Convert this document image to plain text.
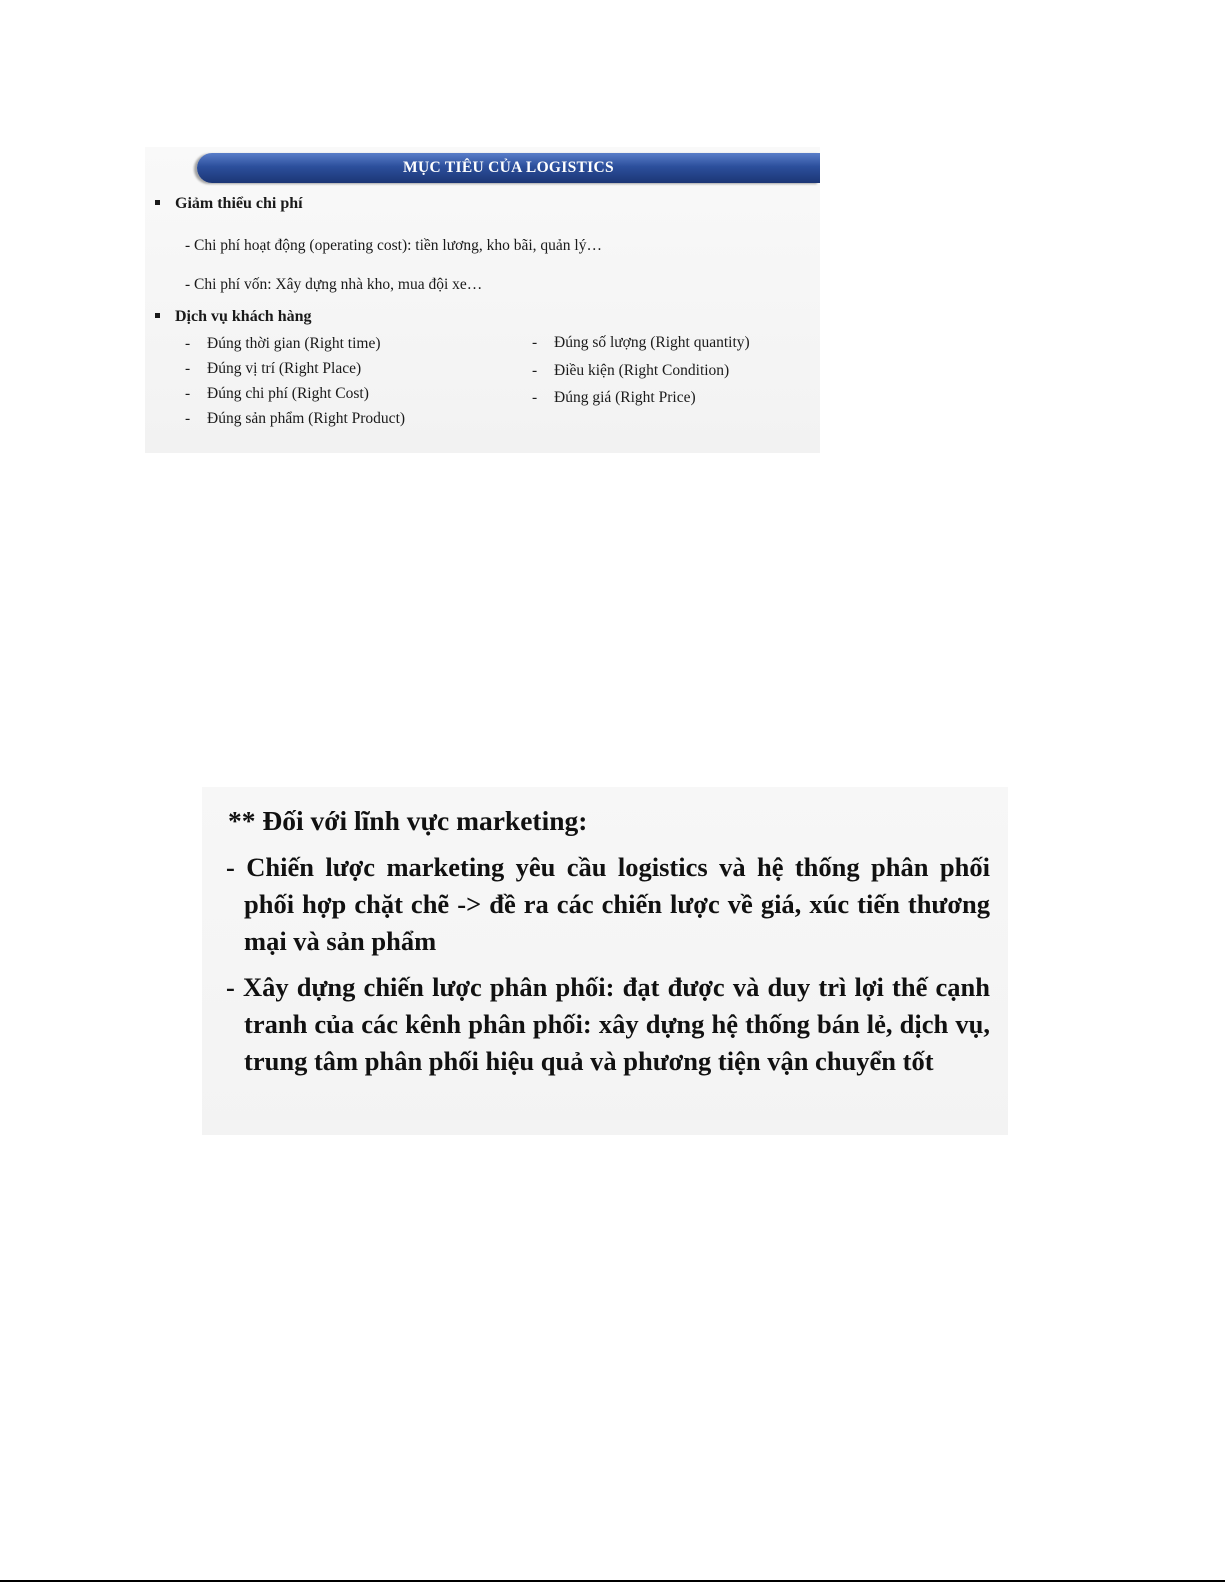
MỤC TIÊU CỦA LOGISTICS
Giảm thiểu chi phí
- Chi phí hoạt động (operating cost): tiền lương, kho bãi, quản lý…
- Chi phí vốn: Xây dựng nhà kho, mua đội xe…
Dịch vụ khách hàng
- Đúng thời gian (Right time)
- Đúng vị trí (Right Place)
- Đúng chi phí (Right Cost)
- Đúng sản phẩm (Right Product)
- Đúng số lượng (Right quantity)
- Điều kiện (Right Condition)
- Đúng giá (Right Price)
** Đối với lĩnh vực marketing:
- Chiến lược marketing yêu cầu logistics và hệ thống phân phối phối hợp chặt chẽ -> đề ra các chiến lược về giá, xúc tiến thương mại và sản phẩm
- Xây dựng chiến lược phân phối: đạt được và duy trì lợi thế cạnh tranh của các kênh phân phối: xây dựng hệ thống bán lẻ, dịch vụ, trung tâm phân phối hiệu quả và phương tiện vận chuyển tốt
